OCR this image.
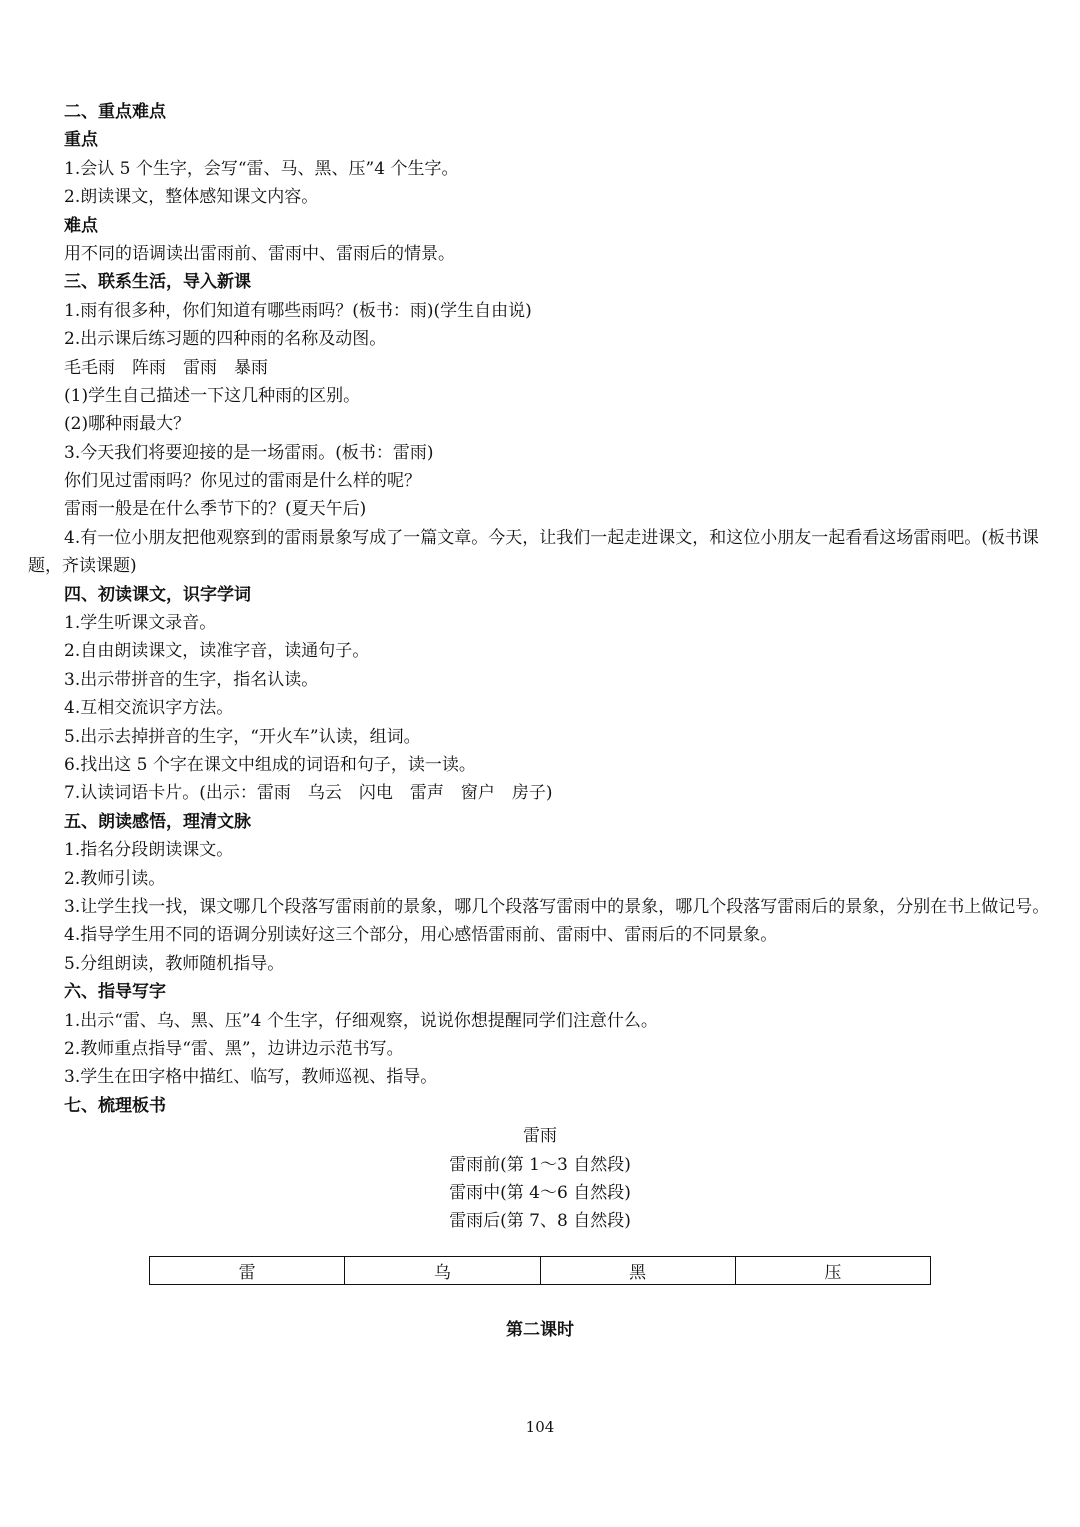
二、重点难点
重点
1.会认 5 个生字，会写“雷、马、黑、压”4 个生字。
2.朗读课文，整体感知课文内容。
难点
用不同的语调读出雷雨前、雷雨中、雷雨后的情景。
三、联系生活，导入新课
1.雨有很多种，你们知道有哪些雨吗？(板书：雨)(学生自由说)
2.出示课后练习题的四种雨的名称及动图。
毛毛雨　阵雨　雷雨　暴雨
(1)学生自己描述一下这几种雨的区别。
(2)哪种雨最大？
3.今天我们将要迎接的是一场雷雨。(板书：雷雨)
你们见过雷雨吗？你见过的雷雨是什么样的呢？
雷雨一般是在什么季节下的？(夏天午后)
4.有一位小朋友把他观察到的雷雨景象写成了一篇文章。今天，让我们一起走进课文，和这位小朋友一起看看这场雷雨吧。(板书课题，齐读课题)
四、初读课文，识字学词
1.学生听课文录音。
2.自由朗读课文，读准字音，读通句子。
3.出示带拼音的生字，指名认读。
4.互相交流识字方法。
5.出示去掉拼音的生字，“开火车”认读，组词。
6.找出这 5 个字在课文中组成的词语和句子，读一读。
7.认读词语卡片。(出示：雷雨　乌云　闪电　雷声　窗户　房子)
五、朗读感悟，理清文脉
1.指名分段朗读课文。
2.教师引读。
3.让学生找一找，课文哪几个段落写雷雨前的景象，哪几个段落写雷雨中的景象，哪几个段落写雷雨后的景象，分别在书上做记号。
4.指导学生用不同的语调分别读好这三个部分，用心感悟雷雨前、雷雨中、雷雨后的不同景象。
5.分组朗读，教师随机指导。
六、指导写字
1.出示“雷、乌、黑、压”4 个生字，仔细观察，说说你想提醒同学们注意什么。
2.教师重点指导“雷、黑”，边讲边示范书写。
3.学生在田字格中描红、临写，教师巡视、指导。
七、梳理板书
雷雨
雷雨前(第 1～3 自然段)
雷雨中(第 4～6 自然段)
雷雨后(第 7、8 自然段)
雷	乌	黑	压
第二课时
104
